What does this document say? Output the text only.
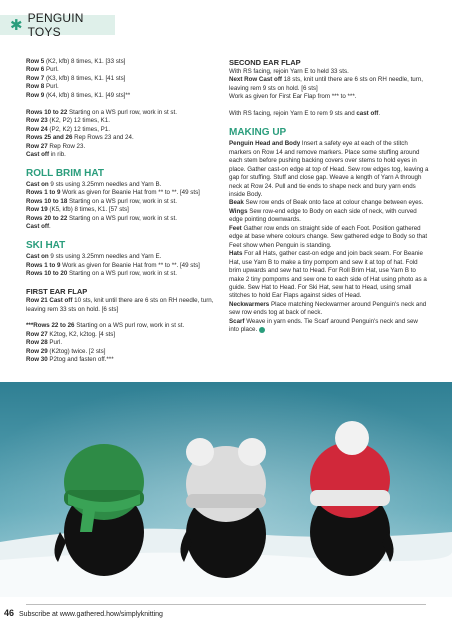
✱ PENGUIN TOYS

Row 5 (K2, kfb) 8 times, K1. [33 sts]

Row 6 Purl.

Row 7 (K3, kfb) 8 times, K1. [41 sts]

Row 8 Purl.

Row 9 (K4, kfb) 8 times, K1. [49 sts]**

Rows 10 to 22 Starting on a WS purl row, work in st st.

Row 23 (K2, P2) 12 times, K1.

Row 24 (P2, K2) 12 times, P1.

Rows 25 and 26 Rep Rows 23 and 24.

Row 27 Rep Row 23.

Cast off in rib.

ROLL BRIM HAT

Cast on 9 sts using 3.25mm needles and Yarn B.

Rows 1 to 9 Work as given for Beanie Hat from ** to **. [49 sts]

Rows 10 to 18 Starting on a WS purl row, work in st st.

Row 19 (K5, kfb) 8 times, K1. [57 sts]

Rows 20 to 22 Starting on a WS purl row, work in st st.

Cast off.

SKI HAT

Cast on 9 sts using 3.25mm needles and Yarn E.

Rows 1 to 9 Work as given for Beanie Hat from ** to **. [49 sts]

Rows 10 to 20 Starting on a WS purl row, work in st st.

FIRST EAR FLAP

Row 21 Cast off 10 sts, knit until there are 6 sts on RH needle, turn, leaving rem 33 sts on hold. [6 sts]

***Rows 22 to 26 Starting on a WS purl row, work in st st.

Row 27 K2tog, K2, k2tog. [4 sts]

Row 28 Purl.

Row 29 (K2tog) twice. [2 sts]

Row 30 P2tog and fasten off.***

SECOND EAR FLAP

With RS facing, rejoin Yarn E to held 33 sts.

Next Row Cast off 18 sts, knit until there are 6 sts on RH needle, turn, leaving rem 9 sts on hold. [6 sts]

Work as given for First Ear Flap from *** to ***.

With RS facing, rejoin Yarn E to rem 9 sts and cast off.

MAKING UP

Penguin Head and Body Insert a safety eye at each of the stitch markers on Row 14 and remove markers. Place some stuffing around each stem before pushing backing covers over stems to hold eyes in place. Gather cast-on edge at top of Head. Sew row edges tog, leaving a gap for stuffing. Stuff and close gap. Weave a length of Yarn A through neck at Row 24. Pull and tie ends to shape neck and bury yarn ends inside Body.

Beak Sew row ends of Beak onto face at colour change between eyes.

Wings Sew row-end edge to Body on each side of neck, with curved edge pointing downwards.

Feet Gather row ends on straight side of each Foot. Position gathered edge at base where colours change. Sew gathered edge to Body so that Feet show when Penguin is standing.

Hats For all Hats, gather cast-on edge and join back seam. For Beanie Hat, use Yarn B to make a tiny pompom and sew it at top of hat. Fold brim upwards and sew hat to Head. For Roll Brim Hat, use Yarn B to make 2 tiny pompoms and sew one to each side of Hat using photo as a guide. Sew Hat to Head. For Ski Hat, sew hat to Head, using small stitches to hold Ear Flaps against sides of Head.

Neckwarmers Place matching Neckwarmer around Penguin's neck and sew row ends tog at back of neck.

Scarf Weave in yarn ends. Tie Scarf around Penguin's neck and sew into place.

46 Subscribe at www.gathered.how/simplyknitting
